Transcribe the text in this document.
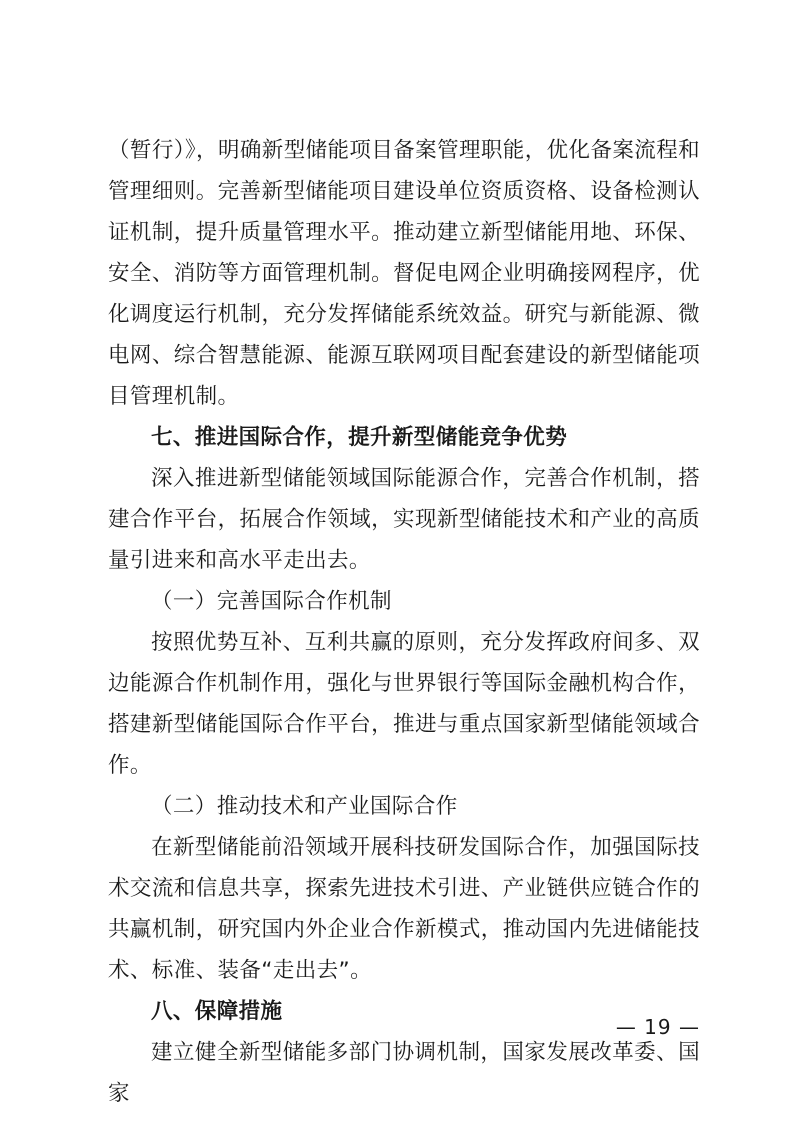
（暂行）》，明确新型储能项目备案管理职能，优化备案流程和管理细则。完善新型储能项目建设单位资质资格、设备检测认证机制，提升质量管理水平。推动建立新型储能用地、环保、安全、消防等方面管理机制。督促电网企业明确接网程序，优化调度运行机制，充分发挥储能系统效益。研究与新能源、微电网、综合智慧能源、能源互联网项目配套建设的新型储能项目管理机制。

七、推进国际合作，提升新型储能竞争优势

深入推进新型储能领域国际能源合作，完善合作机制，搭建合作平台，拓展合作领域，实现新型储能技术和产业的高质量引进来和高水平走出去。

（一）完善国际合作机制

按照优势互补、互利共赢的原则，充分发挥政府间多、双边能源合作机制作用，强化与世界银行等国际金融机构合作，搭建新型储能国际合作平台，推进与重点国家新型储能领域合作。

（二）推动技术和产业国际合作

在新型储能前沿领域开展科技研发国际合作，加强国际技术交流和信息共享，探索先进技术引进、产业链供应链合作的共赢机制，研究国内外企业合作新模式，推动国内先进储能技术、标准、装备“走出去”。

八、保障措施

建立健全新型储能多部门协调机制，国家发展改革委、国家

— 19 —
